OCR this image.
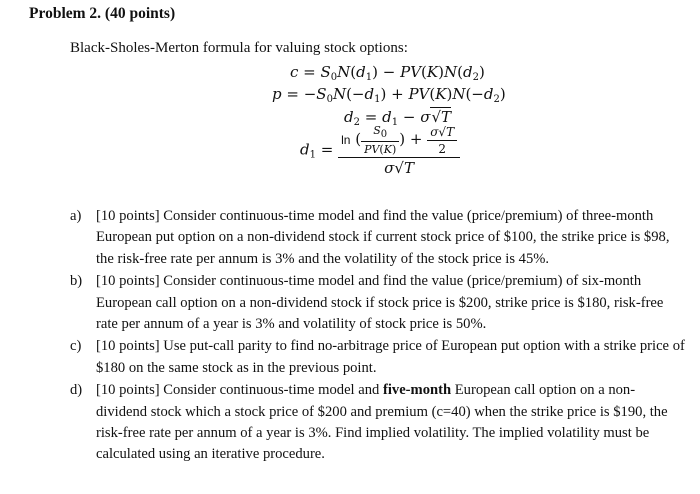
Problem 2. (40 points)
Black-Sholes-Merton formula for valuing stock options:
$c = S_0N(d_1) - PV(K)N(d_2)$
$p = -S_0N(-d_1) + PV(K)N(-d_2)$
$d_2 = d_1 - \sigma√T$
$d_1 = \frac{\ln ( \frac{S_0}{PV(K)} ) + \frac{\sigma√T}{2}}{\sigma√T}$
a) [10 points] Consider continuous-time model and find the value (price/premium) of three-month European put option on a non-dividend stock if current stock price of $100, the strike price is $98, the risk-free rate per annum is 3% and the volatility of the stock price is 45%.
b) [10 points] Consider continuous-time model and find the value (price/premium) of six-month European call option on a non-dividend stock if stock price is $200, strike price is $180, risk-free rate per annum of a year is 3% and volatility of stock price is 50%.
c) [10 points] Use put-call parity to find no-arbitrage price of European put option with a strike price of $180 on the same stock as in the previous point.
d) [10 points] Consider continuous-time model and five-month European call option on a non-dividend stock which a stock price of $200 and premium (c=40) when the strike price is $190, the risk-free rate per annum of a year is 3%. Find implied volatility. The implied volatility must be calculated using an iterative procedure.
